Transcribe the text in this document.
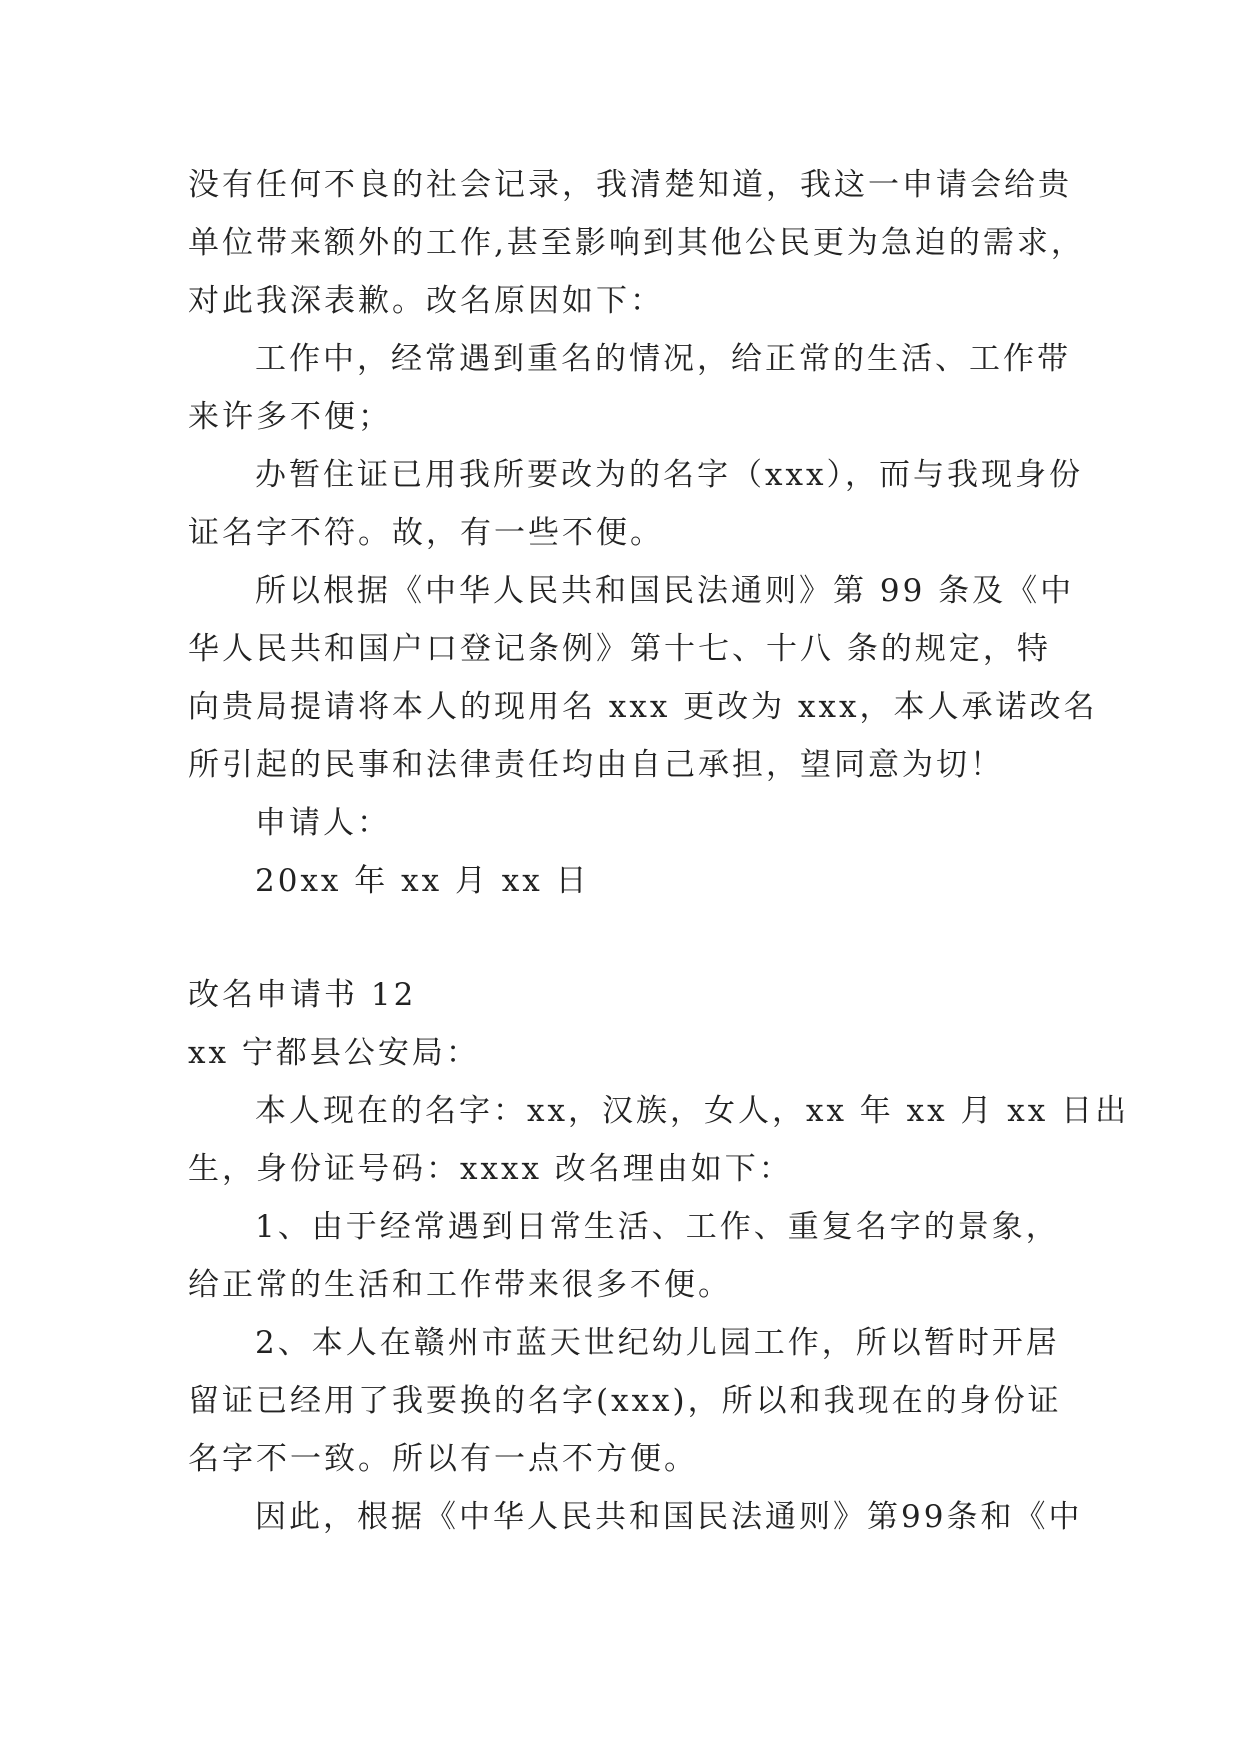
没有任何不良的社会记录，我清楚知道，我这一申请会给贵
单位带来额外的工作,甚至影响到其他公民更为急迫的需求，
对此我深表歉。改名原因如下：
工作中，经常遇到重名的情况，给正常的生活、工作带
来许多不便；
办暂住证已用我所要改为的名字（xxx），而与我现身份
证名字不符。故，有一些不便。
所以根据《中华人民共和国民法通则》第 99 条及《中
华人民共和国户口登记条例》第十七、十八 条的规定，特
向贵局提请将本人的现用名 xxx 更改为 xxx，本人承诺改名
所引起的民事和法律责任均由自己承担，望同意为切！
申请人：
20xx 年 xx 月 xx 日
改名申请书 12
xx 宁都县公安局：
本人现在的名字：xx，汉族，女人，xx 年 xx 月 xx 日出
生，身份证号码：xxxx 改名理由如下：
1、由于经常遇到日常生活、工作、重复名字的景象，
给正常的生活和工作带来很多不便。
2、本人在赣州市蓝天世纪幼儿园工作，所以暂时开居
留证已经用了我要换的名字(xxx)，所以和我现在的身份证
名字不一致。所以有一点不方便。
因此，根据《中华人民共和国民法通则》第99条和《中
